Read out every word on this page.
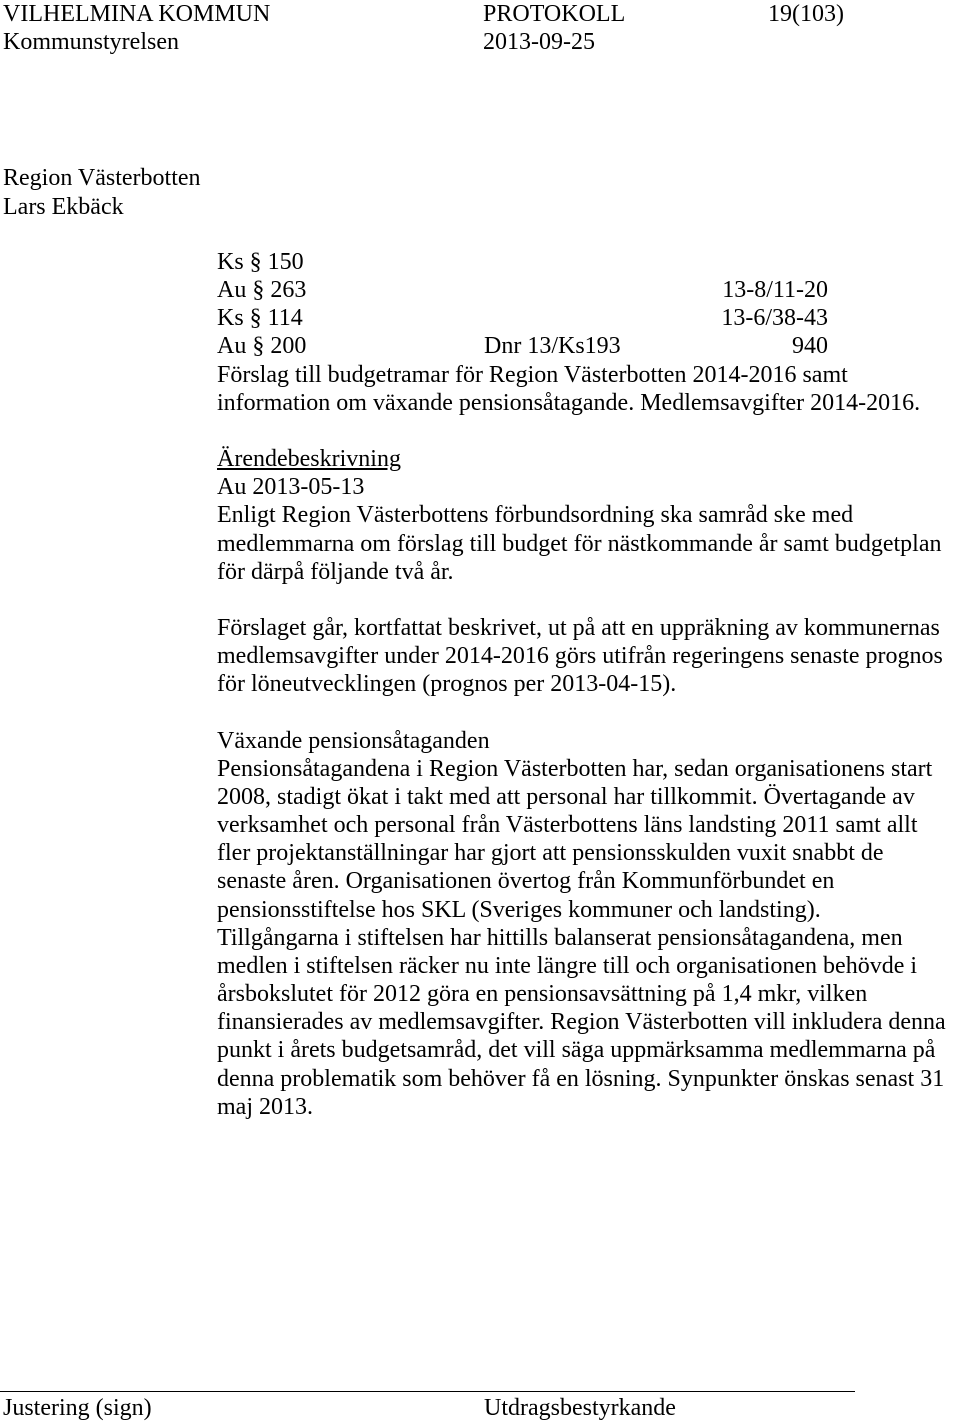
VILHELMINA KOMMUN	PROTOKOLL	19(103)
Kommunstyrelsen	2013-09-25
Region Västerbotten
Lars Ekbäck
Ks § 150
Au § 263	13-8/11-20
Ks § 114	13-6/38-43
Au § 200	Dnr 13/Ks193	940
Förslag till budgetramar för Region Västerbotten 2014-2016 samt
information om växande pensionsåtagande. Medlemsavgifter 2014-2016.
Ärendebeskrivning
Au 2013-05-13
Enligt Region Västerbottens förbundsordning ska samråd ske med
medlemmarna om förslag till budget för nästkommande år samt budgetplan
för därpå följande två år.
Förslaget går, kortfattat beskrivet, ut på att en uppräkning av kommunernas
medlemsavgifter under 2014-2016 görs utifrån regeringens senaste prognos
för löneutvecklingen (prognos per 2013-04-15).
Växande pensionsåtaganden
Pensionsåtagandena i Region Västerbotten har, sedan organisationens start
2008, stadigt ökat i takt med att personal har tillkommit. Övertagande av
verksamhet och personal från Västerbottens läns landsting 2011 samt allt
fler projektanställningar har gjort att pensionsskulden vuxit snabbt de
senaste åren. Organisationen övertog från Kommunförbundet en
pensionsstiftelse hos SKL (Sveriges kommuner och landsting).
Tillgångarna i stiftelsen har hittills balanserat pensionsåtagandena, men
medlen i stiftelsen räcker nu inte längre till och organisationen behövde i
årsbokslutet för 2012 göra en pensionsavsättning på 1,4 mkr, vilken
finansierades av medlemsavgifter. Region Västerbotten vill inkludera denna
punkt i årets budgetsamråd, det vill säga uppmärksamma medlemmarna på
denna problematik som behöver få en lösning. Synpunkter önskas senast 31
maj 2013.
Justering (sign)	Utdragsbestyrkande
